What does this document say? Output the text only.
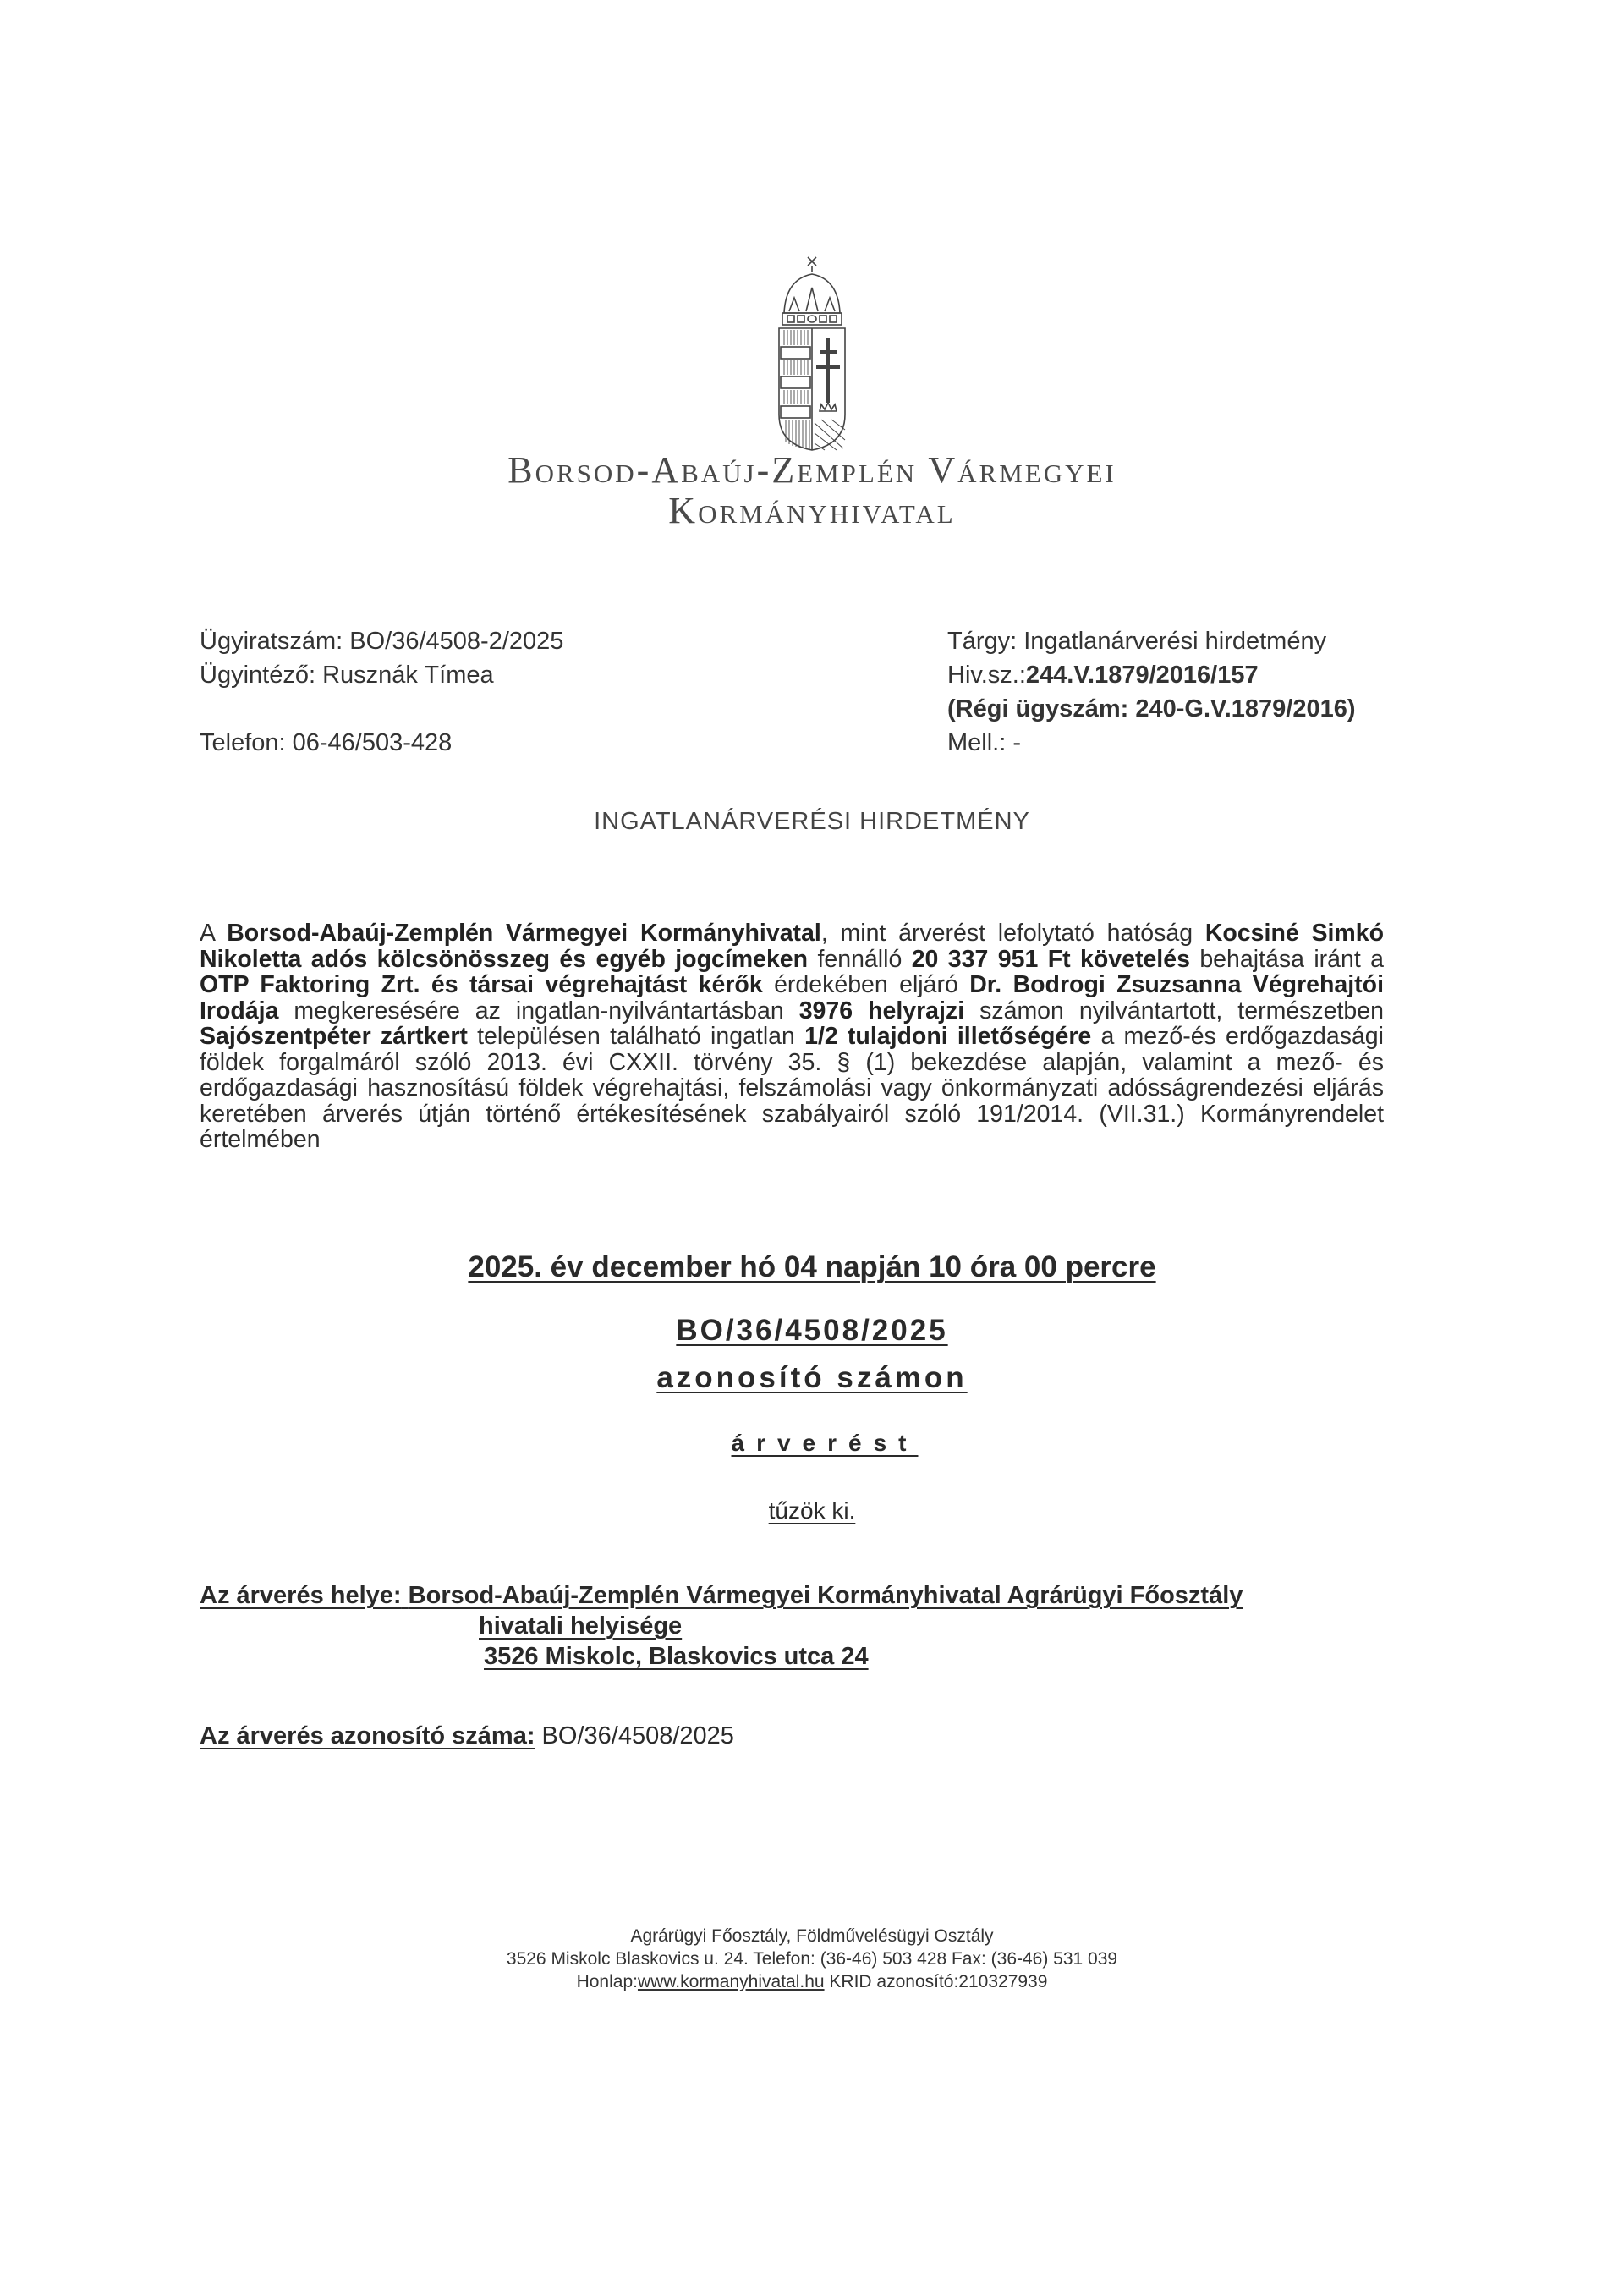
Borsod-Abaúj-Zemplén Vármegyei
Kormányhivatal
Ügyiratszám: BO/36/4508-2/2025
Ügyintéző: Rusznák Tímea
Telefon: 06-46/503-428
Tárgy: Ingatlanárverési hirdetmény
Hiv.sz.:244.V.1879/2016/157
(Régi ügyszám: 240-G.V.1879/2016)
Mell.: -
INGATLANÁRVERÉSI HIRDETMÉNY
A Borsod-Abaúj-Zemplén Vármegyei Kormányhivatal, mint árverést lefolytató hatóság Kocsiné Simkó Nikoletta adós kölcsönösszeg és egyéb jogcímeken fennálló 20 337 951 Ft követelés behajtása iránt a OTP Faktoring Zrt. és társai végrehajtást kérők érdekében eljáró Dr. Bodrogi Zsuzsanna Végrehajtói Irodája megkeresésére az ingatlan-nyilvántartásban 3976 helyrajzi számon nyilvántartott, természetben Sajószentpéter zártkert településen található ingatlan 1/2 tulajdoni illetőségére a mező-és erdőgazdasági földek forgalmáról szóló 2013. évi CXXII. törvény 35. § (1) bekezdése alapján, valamint a mező- és erdőgazdasági hasznosítású földek végrehajtási, felszámolási vagy önkormányzati adósságrendezési eljárás keretében árverés útján történő értékesítésének szabályairól szóló 191/2014. (VII.31.) Kormányrendelet értelmében
2025. év december hó 04 napján 10 óra 00 percre
BO/36/4508/2025
azonosító számon
árverést
tűzök ki.
Az árverés helye: Borsod-Abaúj-Zemplén Vármegyei Kormányhivatal Agrárügyi Főosztály
hivatali helyisége
3526 Miskolc, Blaskovics utca 24
Az árverés azonosító száma: BO/36/4508/2025
Agrárügyi Főosztály, Földművelésügyi Osztály
3526 Miskolc Blaskovics u. 24. Telefon: (36-46) 503 428 Fax: (36-46) 531 039
Honlap:www.kormanyhivatal.hu KRID azonosító:210327939
